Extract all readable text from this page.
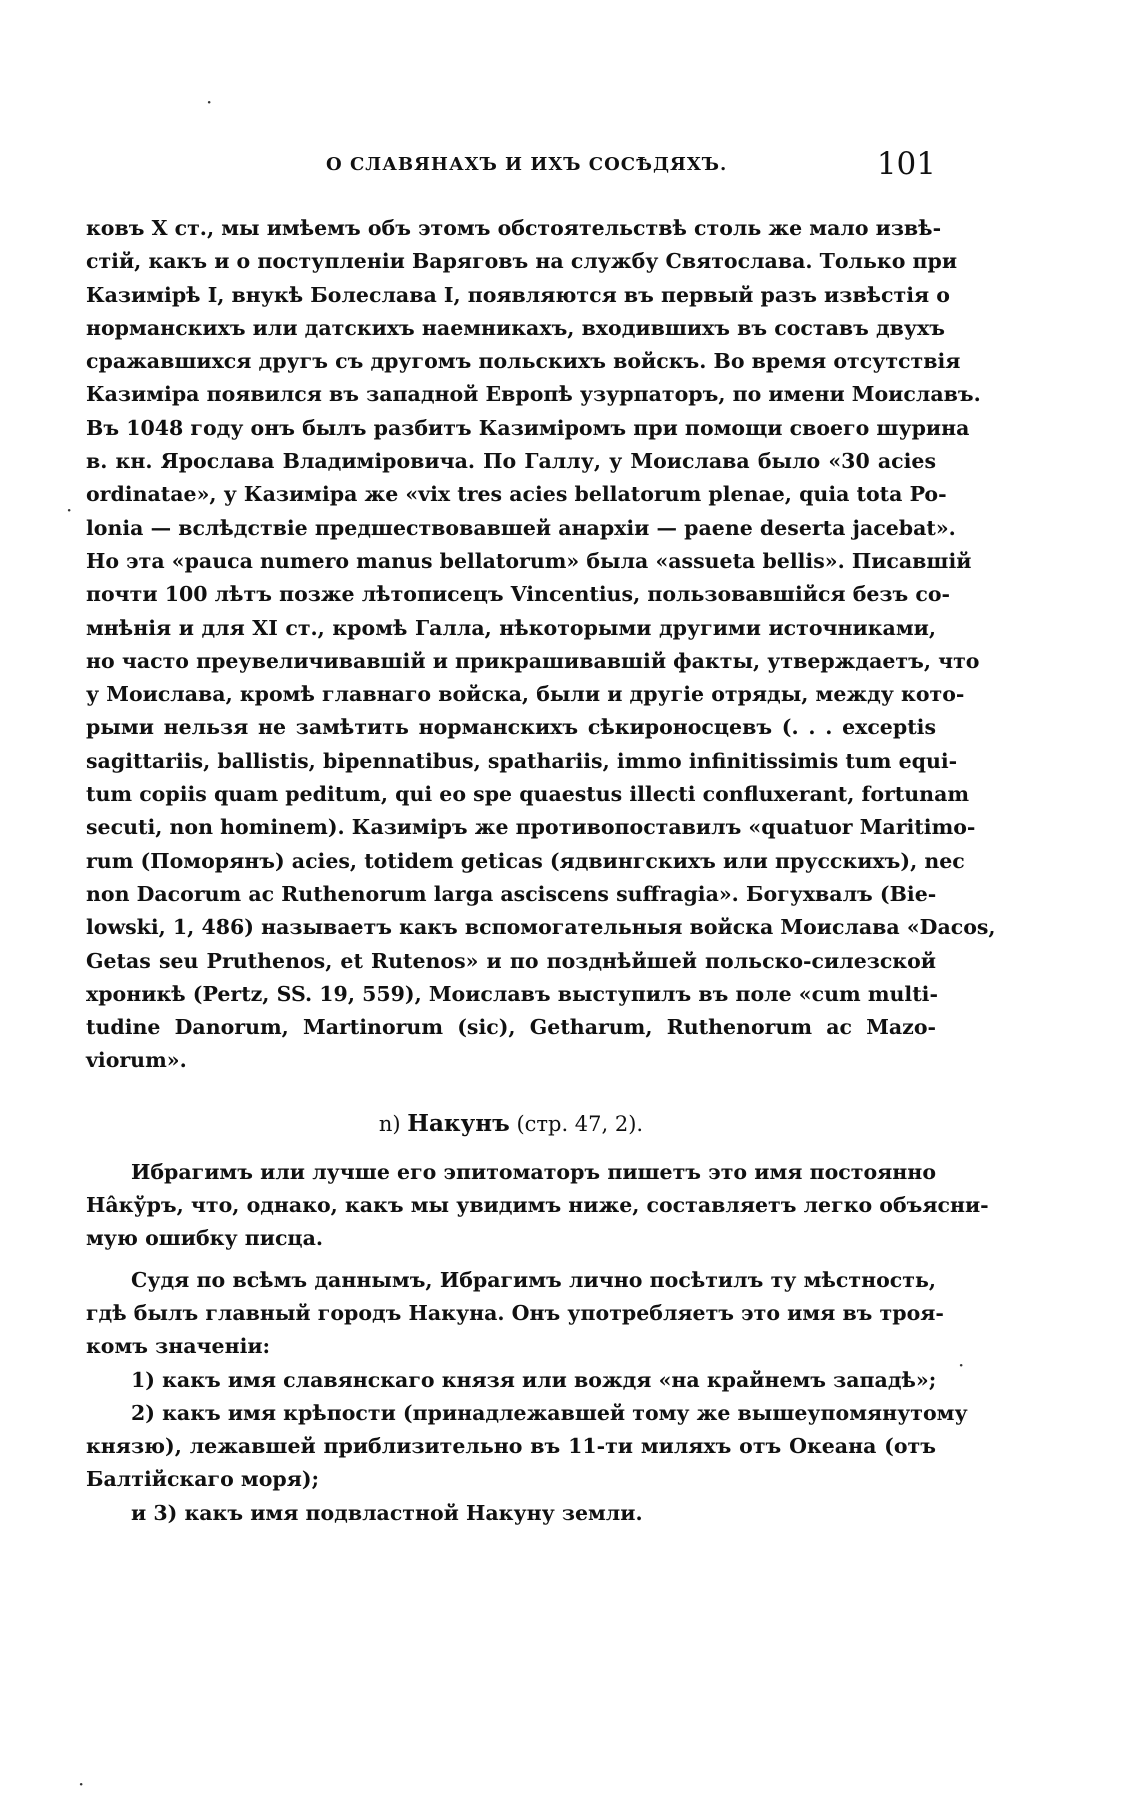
О СЛАВЯНАХЪ И ИХЪ СОСѢДЯХЪ.	101
ковъ X ст., мы имѣемъ объ этомъ обстоятельствѣ столь же мало извѣ-
стій, какъ и о поступленіи Варяговъ на службу Святослава. Только при
Казимірѣ I, внукѣ Болеслава I, появляются въ первый разъ извѣстія о
норманскихъ или датскихъ наемникахъ, входившихъ въ составъ двухъ
сражавшихся другъ съ другомъ польскихъ войскъ. Во время отсутствія
Казиміра появился въ западной Европѣ узурпаторъ, по имени Моиславъ.
Въ 1048 году онъ былъ разбитъ Казиміромъ при помощи своего шурина
в. кн. Ярослава Владиміровича. По Галлу, у Моислава было «30 acies
ordinatae», у Казиміра же «vix tres acies bellatorum plenae, quia tota Po-
lonia — вслѣдствіе предшествовавшей анархіи — paene deserta jacebat».
Но эта «pauca numero manus bellatorum» была «assueta bellis». Писавшій
почти 100 лѣтъ позже лѣтописецъ Vincentius, пользовавшійся безъ со-
мнѣнія и для XI ст., кромѣ Галла, нѣкоторыми другими источниками,
но часто преувеличивавшій и прикрашивавшій факты, утверждаетъ, что
у Моислава, кромѣ главнаго войска, были и другіе отряды, между кото-
рыми нельзя не замѣтить норманскихъ сѣкироносцевъ (. . . exceptis
sagittariis, ballistis, bipennatibus, spathariis, immo infinitissimis tum equi-
tum copiis quam peditum, qui eo spe quaestus illecti confluxerant, fortunam
secuti, non hominem). Казиміръ же противопоставилъ «quatuor Maritimo-
rum (Поморянъ) acies, totidem geticas (ядвингскихъ или прусскихъ), nec
non Dacorum ac Ruthenorum larga asciscens suffragia». Богухвалъ (Bie-
lowski, 1, 486) называетъ какъ вспомогательныя войска Моислава «Dacos,
Getas seu Pruthenos, et Rutenos» и по позднѣйшей польско-силезской
хроникѣ (Pertz, SS. 19, 559), Моиславъ выступилъ въ поле «cum multi-
tudine Danorum, Martinorum (sic), Getharum, Ruthenorum ac Mazo-
viorum».
n) Накунъ (стр. 47, 2).
Ибрагимъ или лучше его эпитоматоръ пишетъ это имя постоянно
Нâкўръ, что, однако, какъ мы увидимъ ниже, составляетъ легко объясни-
мую ошибку писца.
Судя по всѣмъ даннымъ, Ибрагимъ лично посѣтилъ ту мѣстность,
гдѣ былъ главный городъ Накуна. Онъ употребляетъ это имя въ троя-
комъ значеніи:
1) какъ имя славянскаго князя или вождя «на крайнемъ западѣ»;
2) какъ имя крѣпости (принадлежавшей тому же вышеупомянутому
князю), лежавшей приблизительно въ 11-ти миляхъ отъ Океана (отъ
Балтійскаго моря);
и 3) какъ имя подвластной Накуну земли.
·
·
·
·
